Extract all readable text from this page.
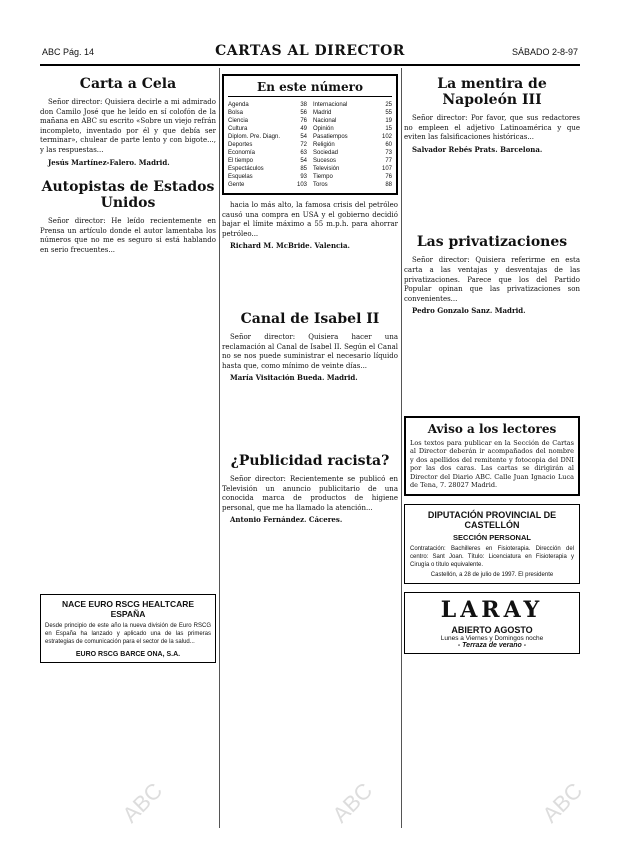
ABC	ABC	ABC
ABC Pág. 14	CARTAS AL DIRECTOR	SÁBADO 2-8-97
Carta a Cela

Señor director: Quisiera decirle a mi admirado don Camilo José que he leído en sí colofón de la mañana en ABC su escrito «Sobre un viejo refrán incompleto, inventado por él y que debía ser terminar», chulear de parte lento y con bigote..., y las respuestas...

Jesús Martínez-Falero. Madrid.

Autopistas de Estados Unidos

Señor director: He leído recientemente en Prensa un artículo donde el autor lamentaba los números que no me es seguro si está hablando en serio frecuentes...

NACE EURO RSCG HEALTCARE ESPAÑA
Desde principio de este año la nueva división de Euro RSCG en España ha lanzado y aplicado una de las primeras estrategias de comunicación para el sector de la salud...
EURO RSCG BARCE ONA, S.A.
En este número
Agenda	38
Bolsa	56
Ciencia	76
Cultura	49
Diplom. Pre. Diagn.	54
Deportes	72
Economía	63
El tiempo	54
Espectáculos	85
Esquelas	93
Gente	103
Internacional	25
Madrid	55
Nacional	19
Opinión	15
Pasatiempos	102
Religión	60
Sociedad	73
Sucesos	77
Televisión	107
Tiempo	76
Toros	88

hacia lo más alto, la famosa crisis del petróleo causó una compra en USA y el gobierno decidió bajar el límite máximo a 55 m.p.h. para ahorrar petróleo...

Richard M. McBride. Valencia.

Canal de Isabel II

Señor director: Quisiera hacer una reclamación al Canal de Isabel II. Según el Canal no se nos puede suministrar el necesario líquido hasta que, como mínimo de veinte días...

María Visitación Bueda. Madrid.

¿Publicidad racista?

Señor director: Recientemente se publicó en Televisión un anuncio publicitario de una conocida marca de productos de higiene personal, que me ha llamado la atención...

Antonio Fernández. Cáceres.

La mentira de Napoleón III

Señor director: Por favor, que sus redactores no empleen el adjetivo Latinoamérica y que eviten las falsificaciones históricas...

Salvador Rebés Prats. Barcelona.

Las privatizaciones

Señor director: Quisiera referirme en esta carta a las ventajas y desventajas de las privatizaciones. Parece que los del Partido Popular opinan que las privatizaciones son convenientes...

Pedro Gonzalo Sanz. Madrid.

Aviso a los lectores
Los textos para publicar en la Sección de Cartas al Director deberán ir acompañados del nombre y dos apellidos del remitente y fotocopia del DNI por las dos caras. Las cartas se dirigirán al Director del Diario ABC. Calle Juan Ignacio Luca de Tena, 7. 28027 Madrid.
DIPUTACIÓN PROVINCIAL DE CASTELLÓN
SECCIÓN PERSONAL
Contratación: Bachilleres en Fisioterapia. Dirección del centro: Sant Joan. Título: Licenciatura en Fisioterapia y Cirugía o título equivalente.
Castellón, a 28 de julio de 1997. El presidente
LARAY
ABIERTO AGOSTO
Lunes a Viernes y Domingos noche
- Terraza de verano -
